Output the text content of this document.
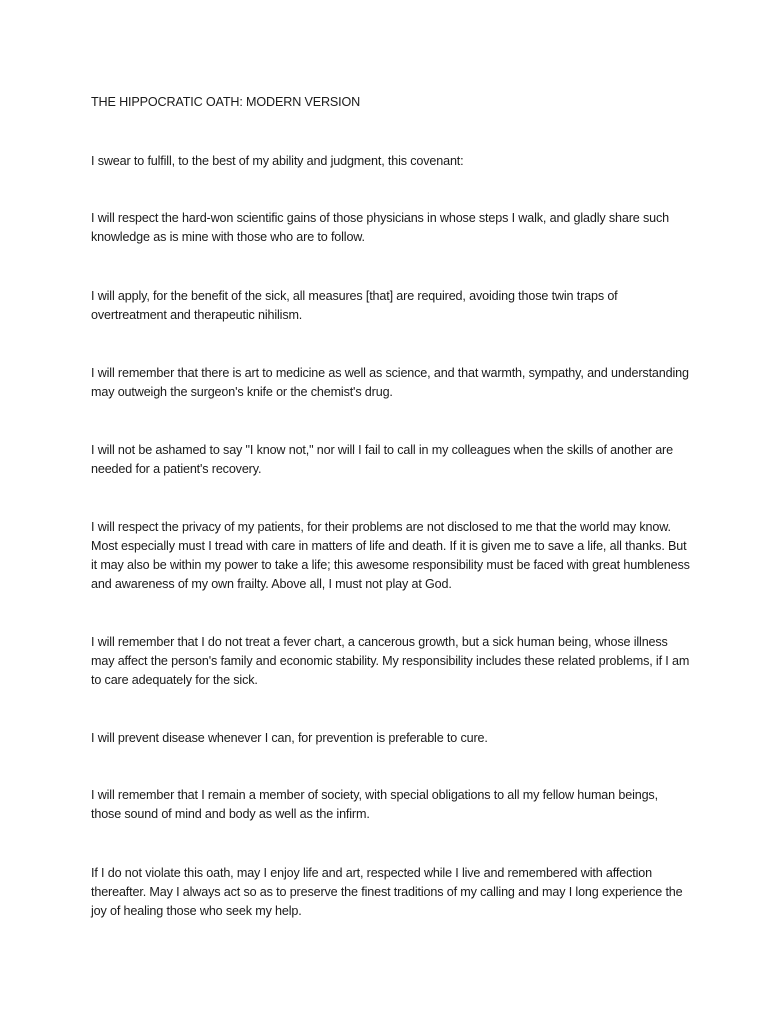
THE HIPPOCRATIC OATH: MODERN VERSION

I swear to fulfill, to the best of my ability and judgment, this covenant:

I will respect the hard-won scientific gains of those physicians in whose steps I walk, and gladly share such knowledge as is mine with those who are to follow.

I will apply, for the benefit of the sick, all measures [that] are required, avoiding those twin traps of overtreatment and therapeutic nihilism.

I will remember that there is art to medicine as well as science, and that warmth, sympathy, and understanding may outweigh the surgeon's knife or the chemist's drug.

I will not be ashamed to say "I know not," nor will I fail to call in my colleagues when the skills of another are needed for a patient's recovery.

I will respect the privacy of my patients, for their problems are not disclosed to me that the world may know. Most especially must I tread with care in matters of life and death. If it is given me to save a life, all thanks. But it may also be within my power to take a life; this awesome responsibility must be faced with great humbleness and awareness of my own frailty. Above all, I must not play at God.

I will remember that I do not treat a fever chart, a cancerous growth, but a sick human being, whose illness may affect the person's family and economic stability. My responsibility includes these related problems, if I am to care adequately for the sick.

I will prevent disease whenever I can, for prevention is preferable to cure.

I will remember that I remain a member of society, with special obligations to all my fellow human beings, those sound of mind and body as well as the infirm.

If I do not violate this oath, may I enjoy life and art, respected while I live and remembered with affection thereafter. May I always act so as to preserve the finest traditions of my calling and may I long experience the joy of healing those who seek my help.
